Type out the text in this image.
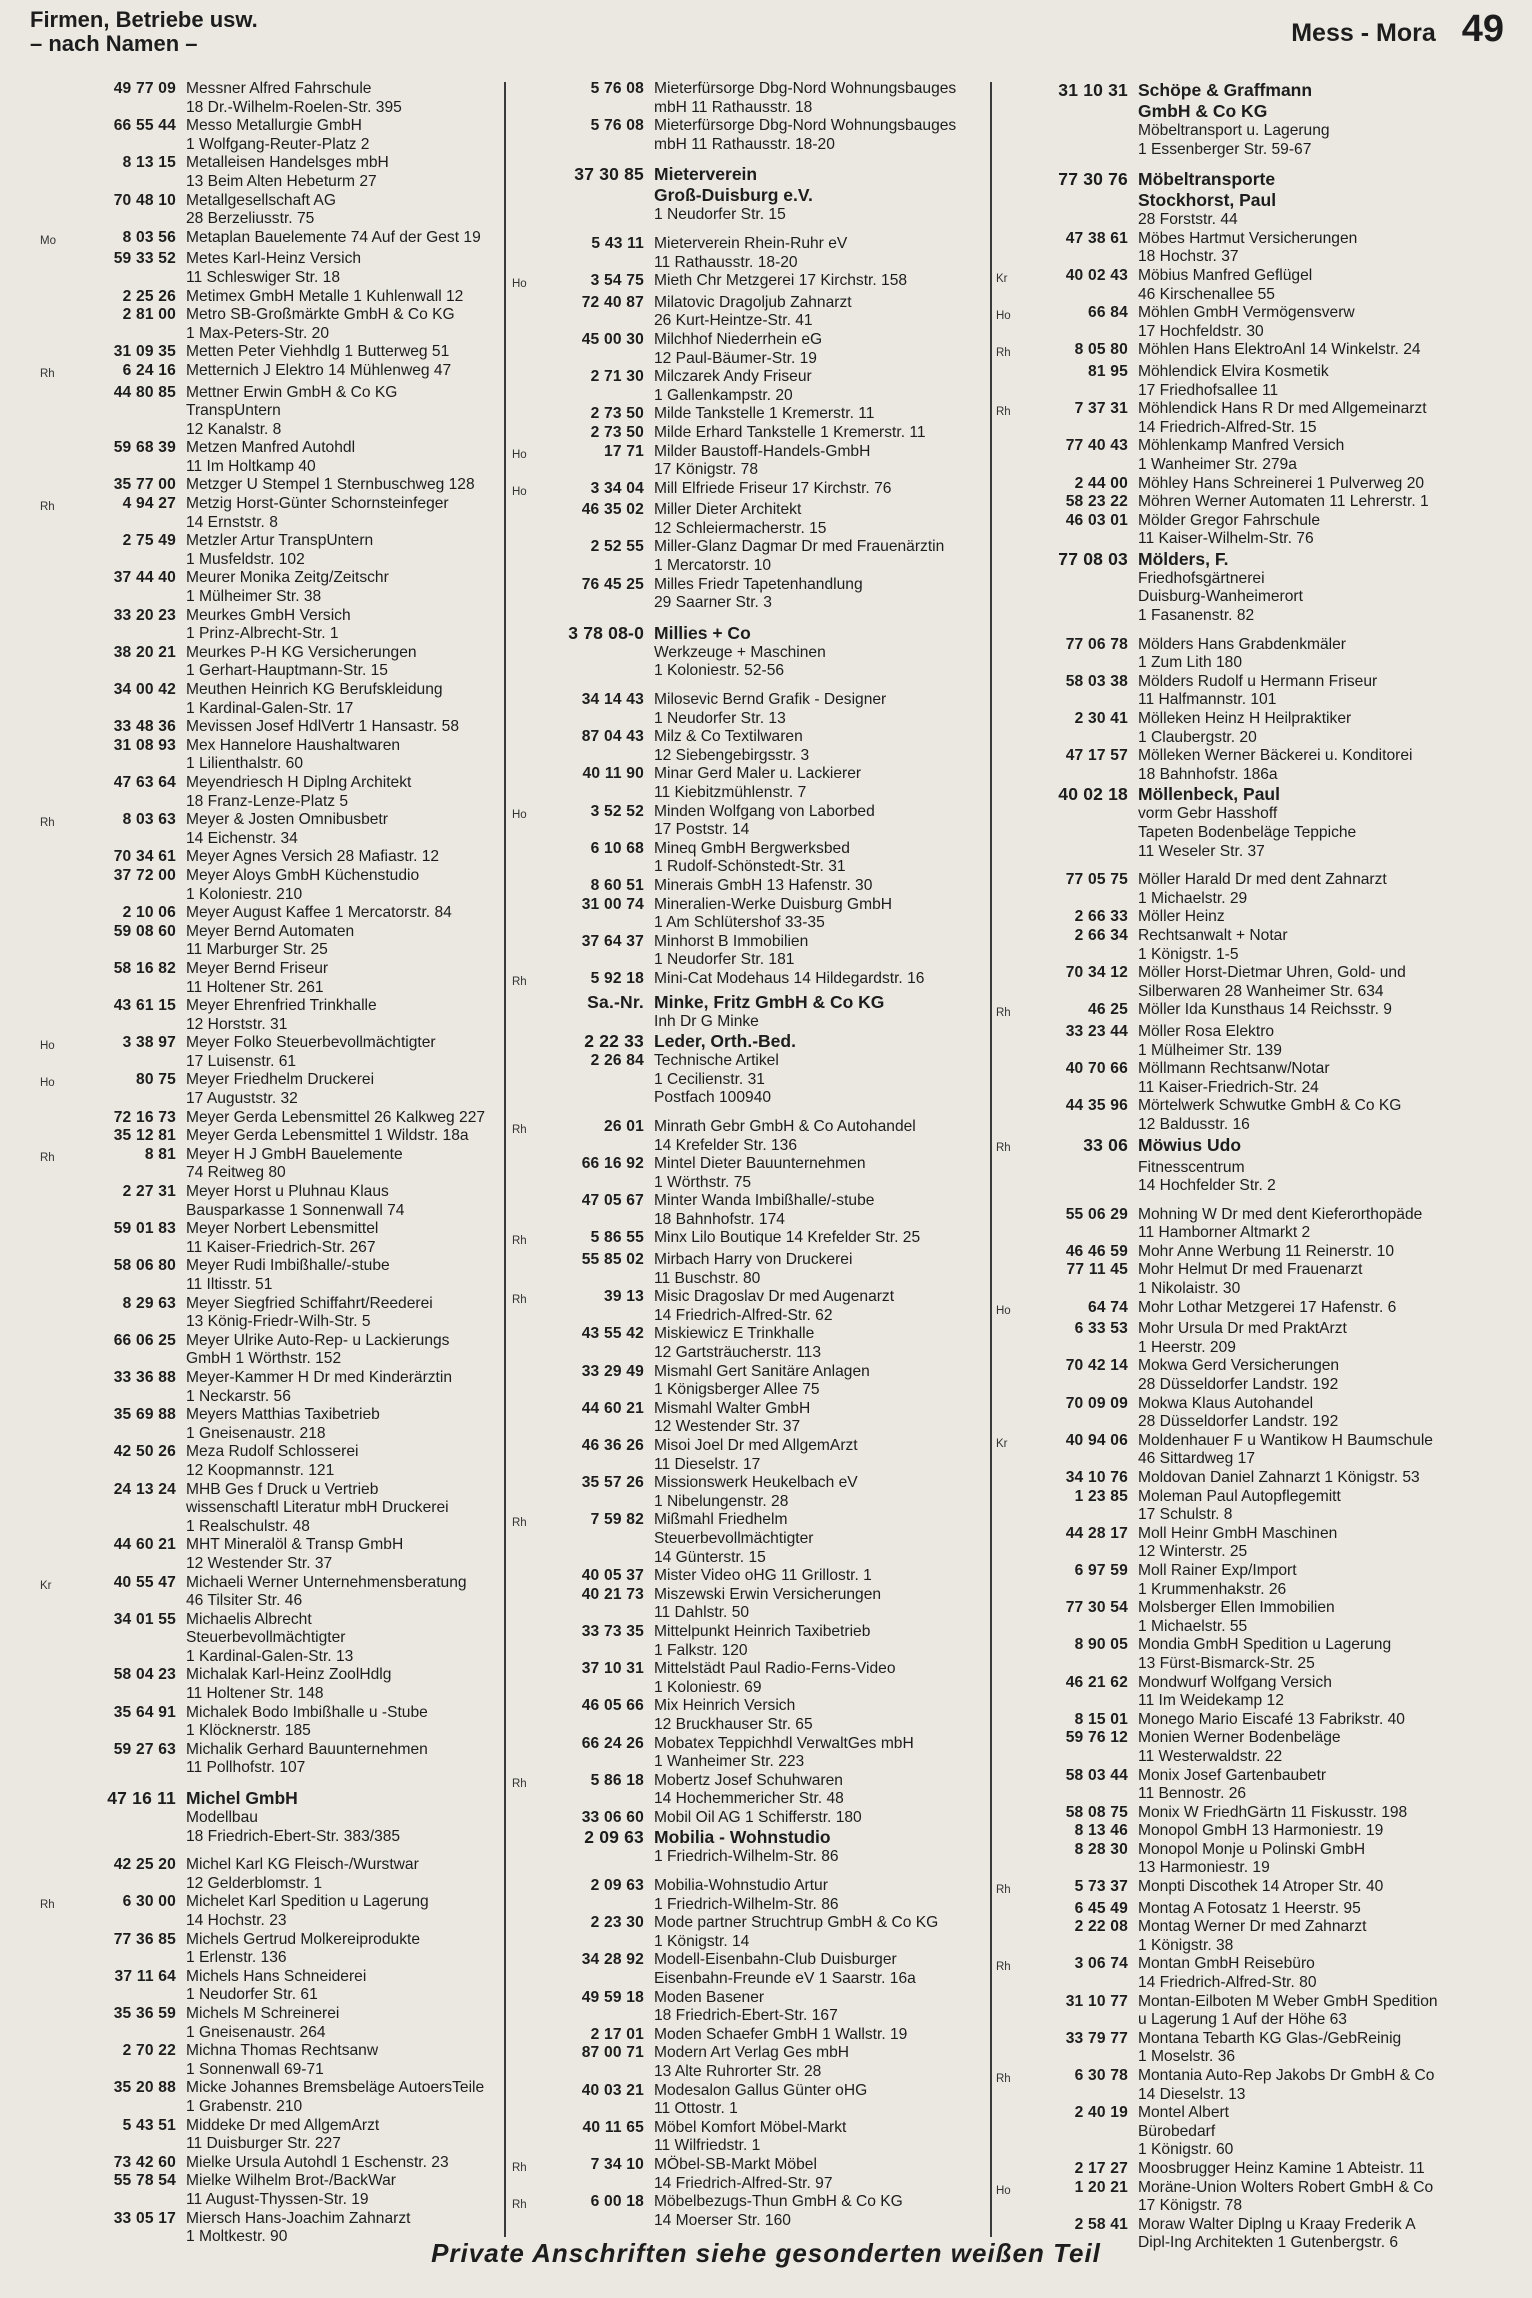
Firmen, Betriebe usw.
– nach Namen –	Mess - Mora 49
49 77 09 Messner Alfred Fahrschule
18 Dr.-Wilhelm-Roelen-Str. 395
66 55 44 Messo Metallurgie GmbH
1 Wolfgang-Reuter-Platz 2
8 13 15 Metalleisen Handelsges mbH
13 Beim Alten Hebeturm 27
70 48 10 Metallgesellschaft AG
28 Berzeliusstr. 75
Mo	8 03 56 Metaplan Bauelemente 74 Auf der Gest 19
59 33 52 Metes Karl-Heinz Versich
11 Schleswiger Str. 18
2 25 26 Metimex GmbH Metalle 1 Kuhlenwall 12
2 81 00 Metro SB-Großmärkte GmbH & Co KG
1 Max-Peters-Str. 20
31 09 35 Metten Peter Viehhdlg 1 Butterweg 51
Rh	6 24 16 Metternich J Elektro 14 Mühlenweg 47
44 80 85 Mettner Erwin GmbH & Co KG TranspUntern
12 Kanalstr. 8
59 68 39 Metzen Manfred Autohdl
11 Im Holtkamp 40
35 77 00 Metzger U Stempel 1 Sternbuschweg 128
Rh	4 94 27 Metzig Horst-Günter Schornsteinfeger
14 Ernststr. 8
2 75 49 Metzler Artur TranspUntern
1 Musfeldstr. 102
37 44 40 Meurer Monika Zeitg/Zeitschr
1 Mülheimer Str. 38
33 20 23 Meurkes GmbH Versich
1 Prinz-Albrecht-Str. 1
38 20 21 Meurkes P-H KG Versicherungen
1 Gerhart-Hauptmann-Str. 15
34 00 42 Meuthen Heinrich KG Berufskleidung
1 Kardinal-Galen-Str. 17
33 48 36 Mevissen Josef HdlVertr 1 Hansastr. 58
31 08 93 Mex Hannelore Haushaltwaren
1 Lilienthalstr. 60
47 63 64 Meyendriesch H Diplng Architekt
18 Franz-Lenze-Platz 5
Rh	8 03 63 Meyer & Josten Omnibusbetr
14 Eichenstr. 34
70 34 61 Meyer Agnes Versich 28 Mafiastr. 12
37 72 00 Meyer Aloys GmbH Küchenstudio
1 Koloniestr. 210
2 10 06 Meyer August Kaffee 1 Mercatorstr. 84
59 08 60 Meyer Bernd Automaten
11 Marburger Str. 25
58 16 82 Meyer Bernd Friseur
11 Holtener Str. 261
43 61 15 Meyer Ehrenfried Trinkhalle
12 Horststr. 31
Ho	3 38 97 Meyer Folko Steuerbevollmächtigter
17 Luisenstr. 61
Ho	80 75 Meyer Friedhelm Druckerei
17 Auguststr. 32
72 16 73 Meyer Gerda Lebensmittel 26 Kalkweg 227
35 12 81 Meyer Gerda Lebensmittel 1 Wildstr. 18a
Rh	8 81 Meyer H J GmbH Bauelemente
74 Reitweg 80
2 27 31 Meyer Horst u Pluhnau Klaus
Bausparkasse 1 Sonnenwall 74
59 01 83 Meyer Norbert Lebensmittel
11 Kaiser-Friedrich-Str. 267
58 06 80 Meyer Rudi Imbißhalle/-stube
11 Iltisstr. 51
8 29 63 Meyer Siegfried Schiffahrt/Reederei
13 König-Friedr-Wilh-Str. 5
66 06 25 Meyer Ulrike Auto-Rep- u Lackierungs
GmbH 1 Wörthstr. 152
33 36 88 Meyer-Kammer H Dr med Kinderärztin
1 Neckarstr. 56
35 69 88 Meyers Matthias Taxibetrieb
1 Gneisenaustr. 218
42 50 26 Meza Rudolf Schlosserei
12 Koopmannstr. 121
24 13 24 MHB Ges f Druck u Vertrieb
wissenschaftl Literatur mbH Druckerei
1 Realschulstr. 48
44 60 21 MHT Mineralöl & Transp GmbH
12 Westender Str. 37
Kr	40 55 47 Michaeli Werner Unternehmensberatung
46 Tilsiter Str. 46
34 01 55 Michaelis Albrecht
Steuerbevollmächtigter
1 Kardinal-Galen-Str. 13
58 04 23 Michalak Karl-Heinz ZoolHdlg
11 Holtener Str. 148
35 64 91 Michalek Bodo Imbißhalle u -Stube
1 Klöcknerstr. 185
59 27 63 Michalik Gerhard Bauunternehmen
11 Pollhofstr. 107
47 16 11 Michel GmbH
Modellbau
18 Friedrich-Ebert-Str. 383/385
42 25 20 Michel Karl KG Fleisch-/Wurstwar
12 Gelderblomstr. 1
Rh	6 30 00 Michelet Karl Spedition u Lagerung
14 Hochstr. 23
77 36 85 Michels Gertrud Molkereiprodukte
1 Erlenstr. 136
37 11 64 Michels Hans Schneiderei
1 Neudorfer Str. 61
35 36 59 Michels M Schreinerei
1 Gneisenaustr. 264
2 70 22 Michna Thomas Rechtsanw
1 Sonnenwall 69-71
35 20 88 Micke Johannes Bremsbeläge AutoersTeile
1 Grabenstr. 210
5 43 51 Middeke Dr med AllgemArzt
11 Duisburger Str. 227
73 42 60 Mielke Ursula Autohdl 1 Eschenstr. 23
55 78 54 Mielke Wilhelm Brot-/BackWar
11 August-Thyssen-Str. 19
33 05 17 Miersch Hans-Joachim Zahnarzt
1 Moltkestr. 90
5 76 08 Mieterfürsorge Dbg-Nord Wohnungsbauges
mbH 11 Rathausstr. 18
5 76 08 Mieterfürsorge Dbg-Nord Wohnungsbauges
mbH 11 Rathausstr. 18-20
37 30 85 Mieterverein
Groß-Duisburg e.V.
1 Neudorfer Str. 15
5 43 11 Mieterverein Rhein-Ruhr eV
11 Rathausstr. 18-20
Ho	3 54 75 Mieth Chr Metzgerei 17 Kirchstr. 158
72 40 87 Milatovic Dragoljub Zahnarzt
26 Kurt-Heintze-Str. 41
45 00 30 Milchhof Niederrhein eG
12 Paul-Bäumer-Str. 19
2 71 30 Milczarek Andy Friseur
1 Gallenkampstr. 20
2 73 50 Milde Tankstelle 1 Kremerstr. 11
2 73 50 Milde Erhard Tankstelle 1 Kremerstr. 11
Ho	17 71 Milder Baustoff-Handels-GmbH
17 Königstr. 78
Ho	3 34 04 Mill Elfriede Friseur 17 Kirchstr. 76
46 35 02 Miller Dieter Architekt
12 Schleiermacherstr. 15
2 52 55 Miller-Glanz Dagmar Dr med Frauenärztin
1 Mercatorstr. 10
76 45 25 Milles Friedr Tapetenhandlung
29 Saarner Str. 3
3 78 08-0 Millies + Co
Werkzeuge + Maschinen
1 Koloniestr. 52-56
34 14 43 Milosevic Bernd Grafik - Designer
1 Neudorfer Str. 13
87 04 43 Milz & Co Textilwaren
12 Siebengebirgsstr. 3
40 11 90 Minar Gerd Maler u. Lackierer
11 Kiebitzmühlenstr. 7
Ho	3 52 52 Minden Wolfgang von Laborbed
17 Poststr. 14
6 10 68 Mineq GmbH Bergwerksbed
1 Rudolf-Schönstedt-Str. 31
8 60 51 Minerais GmbH 13 Hafenstr. 30
31 00 74 Mineralien-Werke Duisburg GmbH
1 Am Schlütershof 33-35
37 64 37 Minhorst B Immobilien
1 Neudorfer Str. 181
Rh	5 92 18 Mini-Cat Modehaus 14 Hildegardstr. 16
Sa.-Nr. Minke, Fritz GmbH & Co KG
Inh Dr G Minke
2 22 33 Leder, Orth.-Bed.
2 26 84 Technische Artikel
1 Cecilienstr. 31
Postfach 100940
Rh	26 01 Minrath Gebr GmbH & Co Autohandel
14 Krefelder Str. 136
66 16 92 Mintel Dieter Bauunternehmen
1 Wörthstr. 75
47 05 67 Minter Wanda Imbißhalle/-stube
18 Bahnhofstr. 174
Rh	5 86 55 Minx Lilo Boutique 14 Krefelder Str. 25
55 85 02 Mirbach Harry von Druckerei
11 Buschstr. 80
Rh	39 13 Misic Dragoslav Dr med Augenarzt
14 Friedrich-Alfred-Str. 62
43 55 42 Miskiewicz E Trinkhalle
12 Gartsträucherstr. 113
33 29 49 Mismahl Gert Sanitäre Anlagen
1 Königsberger Allee 75
44 60 21 Mismahl Walter GmbH
12 Westender Str. 37
46 36 26 Misoi Joel Dr med AllgemArzt
11 Dieselstr. 17
35 57 26 Missionswerk Heukelbach eV
1 Nibelungenstr. 28
Rh	7 59 82 Mißmahl Friedhelm
Steuerbevollmächtigter
14 Günterstr. 15
40 05 37 Mister Video oHG 11 Grillostr. 1
40 21 73 Miszewski Erwin Versicherungen
11 Dahlstr. 50
33 73 35 Mittelpunkt Heinrich Taxibetrieb
1 Falkstr. 120
37 10 31 Mittelstädt Paul Radio-Ferns-Video
1 Koloniestr. 69
46 05 66 Mix Heinrich Versich
12 Bruckhauser Str. 65
66 24 26 Mobatex Teppichhdl VerwaltGes mbH
1 Wanheimer Str. 223
Rh	5 86 18 Mobertz Josef Schuhwaren
14 Hochemmericher Str. 48
33 06 60 Mobil Oil AG 1 Schifferstr. 180
2 09 63 Mobilia - Wohnstudio
1 Friedrich-Wilhelm-Str. 86
2 09 63 Mobilia-Wohnstudio Artur
1 Friedrich-Wilhelm-Str. 86
2 23 30 Mode partner Struchtrup GmbH & Co KG
1 Königstr. 14
34 28 92 Modell-Eisenbahn-Club Duisburger
Eisenbahn-Freunde eV 1 Saarstr. 16a
49 59 18 Moden Basener
18 Friedrich-Ebert-Str. 167
2 17 01 Moden Schaefer GmbH 1 Wallstr. 19
87 00 71 Modern Art Verlag Ges mbH
13 Alte Ruhrorter Str. 28
40 03 21 Modesalon Gallus Günter oHG
11 Ottostr. 1
40 11 65 Möbel Komfort Möbel-Markt
11 Wilfriedstr. 1
Rh	7 34 10 MÖbel-SB-Markt Möbel
14 Friedrich-Alfred-Str. 97
Rh	6 00 18 Möbelbezugs-Thun GmbH & Co KG
14 Moerser Str. 160
31 10 31 Schöpe & Graffmann
GmbH & Co KG
Möbeltransport u. Lagerung
1 Essenberger Str. 59-67
77 30 76 Möbeltransporte
Stockhorst, Paul
28 Forststr. 44
47 38 61 Möbes Hartmut Versicherungen
18 Hochstr. 37
Kr	40 02 43 Möbius Manfred Geflügel
46 Kirschenallee 55
Ho	66 84 Möhlen GmbH Vermögensverw
17 Hochfeldstr. 30
Rh	8 05 80 Möhlen Hans ElektroAnl 14 Winkelstr. 24
81 95 Möhlendick Elvira Kosmetik
17 Friedhofsallee 11
Rh	7 37 31 Möhlendick Hans R Dr med Allgemeinarzt
14 Friedrich-Alfred-Str. 15
77 40 43 Möhlenkamp Manfred Versich
1 Wanheimer Str. 279a
2 44 00 Möhley Hans Schreinerei 1 Pulverweg 20
58 23 22 Möhren Werner Automaten 11 Lehrerstr. 1
46 03 01 Mölder Gregor Fahrschule
11 Kaiser-Wilhelm-Str. 76
77 08 03 Mölders, F.
Friedhofsgärtnerei
Duisburg-Wanheimerort
1 Fasanenstr. 82
77 06 78 Mölders Hans Grabdenkmäler
1 Zum Lith 180
58 03 38 Mölders Rudolf u Hermann Friseur
11 Halfmannstr. 101
2 30 41 Mölleken Heinz H Heilpraktiker
1 Claubergstr. 20
47 17 57 Mölleken Werner Bäckerei u. Konditorei
18 Bahnhofstr. 186a
40 02 18 Möllenbeck, Paul
vorm Gebr Hasshoff
Tapeten Bodenbeläge Teppiche
11 Weseler Str. 37
77 05 75 Möller Harald Dr med dent Zahnarzt
1 Michaelstr. 29
2 66 33 Möller Heinz
2 66 34 Rechtsanwalt + Notar
1 Königstr. 1-5
70 34 12 Möller Horst-Dietmar Uhren, Gold- und
Silberwaren 28 Wanheimer Str. 634
Rh	46 25 Möller Ida Kunsthaus 14 Reichsstr. 9
33 23 44 Möller Rosa Elektro
1 Mülheimer Str. 139
40 70 66 Möllmann Rechtsanw/Notar
11 Kaiser-Friedrich-Str. 24
44 35 96 Mörtelwerk Schwutke GmbH & Co KG
12 Baldusstr. 16
Rh	33 06 Möwius Udo
Fitnesscentrum
14 Hochfelder Str. 2
55 06 29 Mohning W Dr med dent Kieferorthopäde
11 Hamborner Altmarkt 2
46 46 59 Mohr Anne Werbung 11 Reinerstr. 10
77 11 45 Mohr Helmut Dr med Frauenarzt
1 Nikolaistr. 30
Ho	64 74 Mohr Lothar Metzgerei 17 Hafenstr. 6
6 33 53 Mohr Ursula Dr med PraktArzt
1 Heerstr. 209
70 42 14 Mokwa Gerd Versicherungen
28 Düsseldorfer Landstr. 192
70 09 09 Mokwa Klaus Autohandel
28 Düsseldorfer Landstr. 192
Kr	40 94 06 Moldenhauer F u Wantikow H Baumschule
46 Sittardweg 17
34 10 76 Moldovan Daniel Zahnarzt 1 Königstr. 53
1 23 85 Moleman Paul Autopflegemitt
17 Schulstr. 8
44 28 17 Moll Heinr GmbH Maschinen
12 Winterstr. 25
6 97 59 Moll Rainer Exp/Import
1 Krummenhakstr. 26
77 30 54 Molsberger Ellen Immobilien
1 Michaelstr. 55
8 90 05 Mondia GmbH Spedition u Lagerung
13 Fürst-Bismarck-Str. 25
46 21 62 Mondwurf Wolfgang Versich
11 Im Weidekamp 12
8 15 01 Monego Mario Eiscafé 13 Fabrikstr. 40
59 76 12 Monien Werner Bodenbeläge
11 Westerwaldstr. 22
58 03 44 Monix Josef Gartenbaubetr
11 Bennostr. 26
58 08 75 Monix W FriedhGärtn 11 Fiskusstr. 198
8 13 46 Monopol GmbH 13 Harmoniestr. 19
8 28 30 Monopol Monje u Polinski GmbH
13 Harmoniestr. 19
Rh	5 73 37 Monpti Discothek 14 Atroper Str. 40
6 45 49 Montag A Fotosatz 1 Heerstr. 95
2 22 08 Montag Werner Dr med Zahnarzt
1 Königstr. 38
Rh	3 06 74 Montan GmbH Reisebüro
14 Friedrich-Alfred-Str. 80
31 10 77 Montan-Eilboten M Weber GmbH Spedition
u Lagerung 1 Auf der Höhe 63
33 79 77 Montana Tebarth KG Glas-/GebReinig
1 Moselstr. 36
Rh	6 30 78 Montania Auto-Rep Jakobs Dr GmbH & Co
14 Dieselstr. 13
2 40 19 Montel Albert
Bürobedarf
1 Königstr. 60
2 17 27 Moosbrugger Heinz Kamine 1 Abteistr. 11
Ho	1 20 21 Moräne-Union Wolters Robert GmbH & Co
17 Königstr. 78
2 58 41 Moraw Walter Diplng u Kraay Frederik A
Dipl-Ing Architekten 1 Gutenbergstr. 6
Private Anschriften siehe gesonderten weißen Teil
